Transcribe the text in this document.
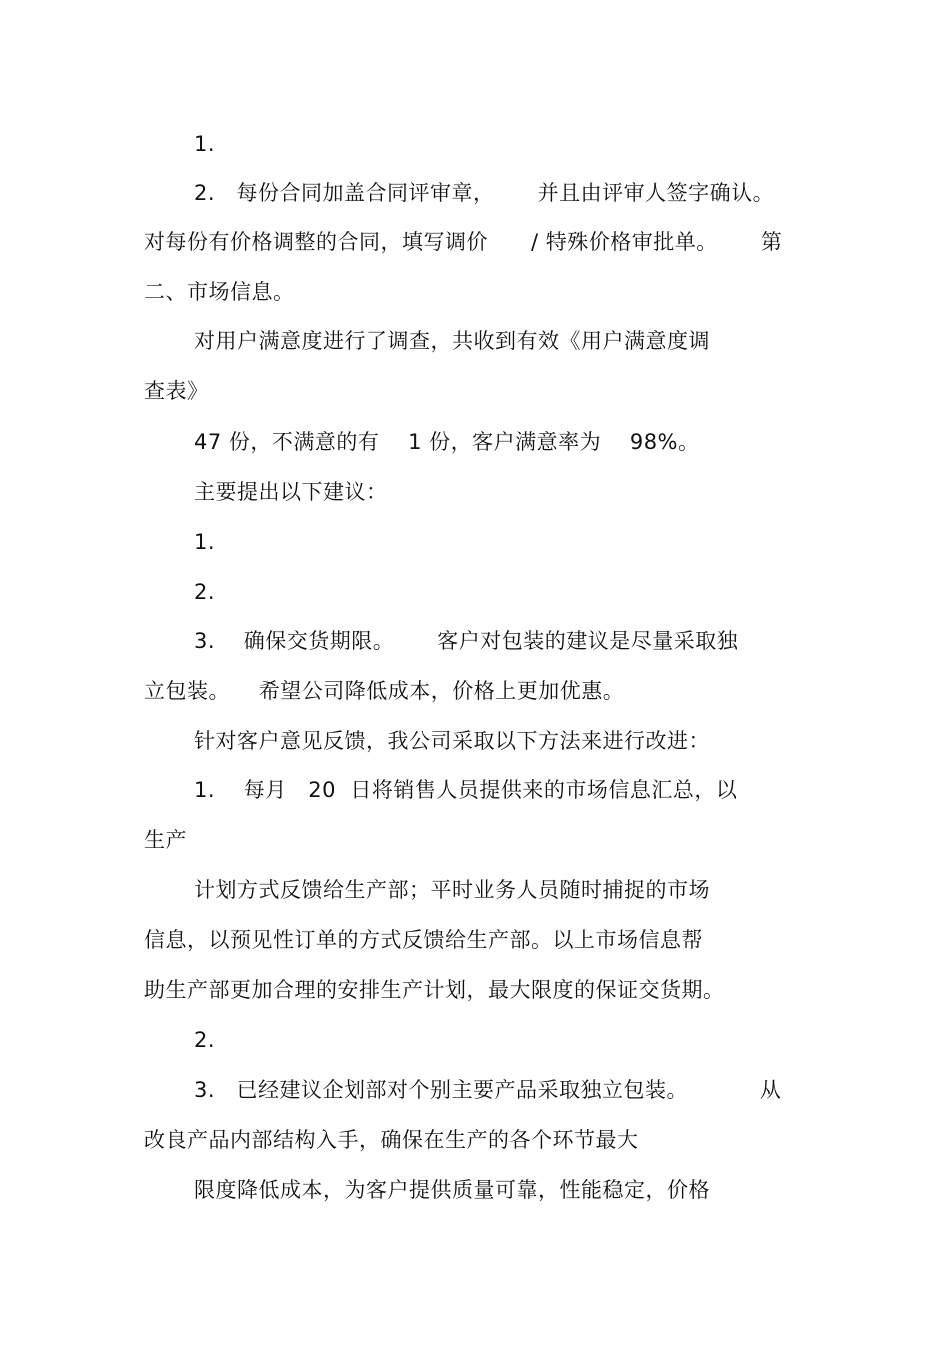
1.
2.   每份合同加盖合同评审章，      并且由评审人签字确认。
对每份有价格调整的合同，填写调价      / 特殊价格审批单。      第
二、市场信息。
对用户满意度进行了调查，共收到有效《用户满意度调
查表》
47 份，不满意的有    1 份，客户满意率为    98%。
主要提出以下建议：
1.
2.
3.    确保交货期限。      客户对包装的建议是尽量采取独
立包装。    希望公司降低成本，价格上更加优惠。
针对客户意见反馈，我公司采取以下方法来进行改进：
1.    每月   20  日将销售人员提供来的市场信息汇总，以
生产
计划方式反馈给生产部；平时业务人员随时捕捉的市场
信息，以预见性订单的方式反馈给生产部。以上市场信息帮
助生产部更加合理的安排生产计划，最大限度的保证交货期。
2.
3.   已经建议企划部对个别主要产品采取独立包装。          从
改良产品内部结构入手，确保在生产的各个环节最大
限度降低成本，为客户提供质量可靠，性能稳定，价格
